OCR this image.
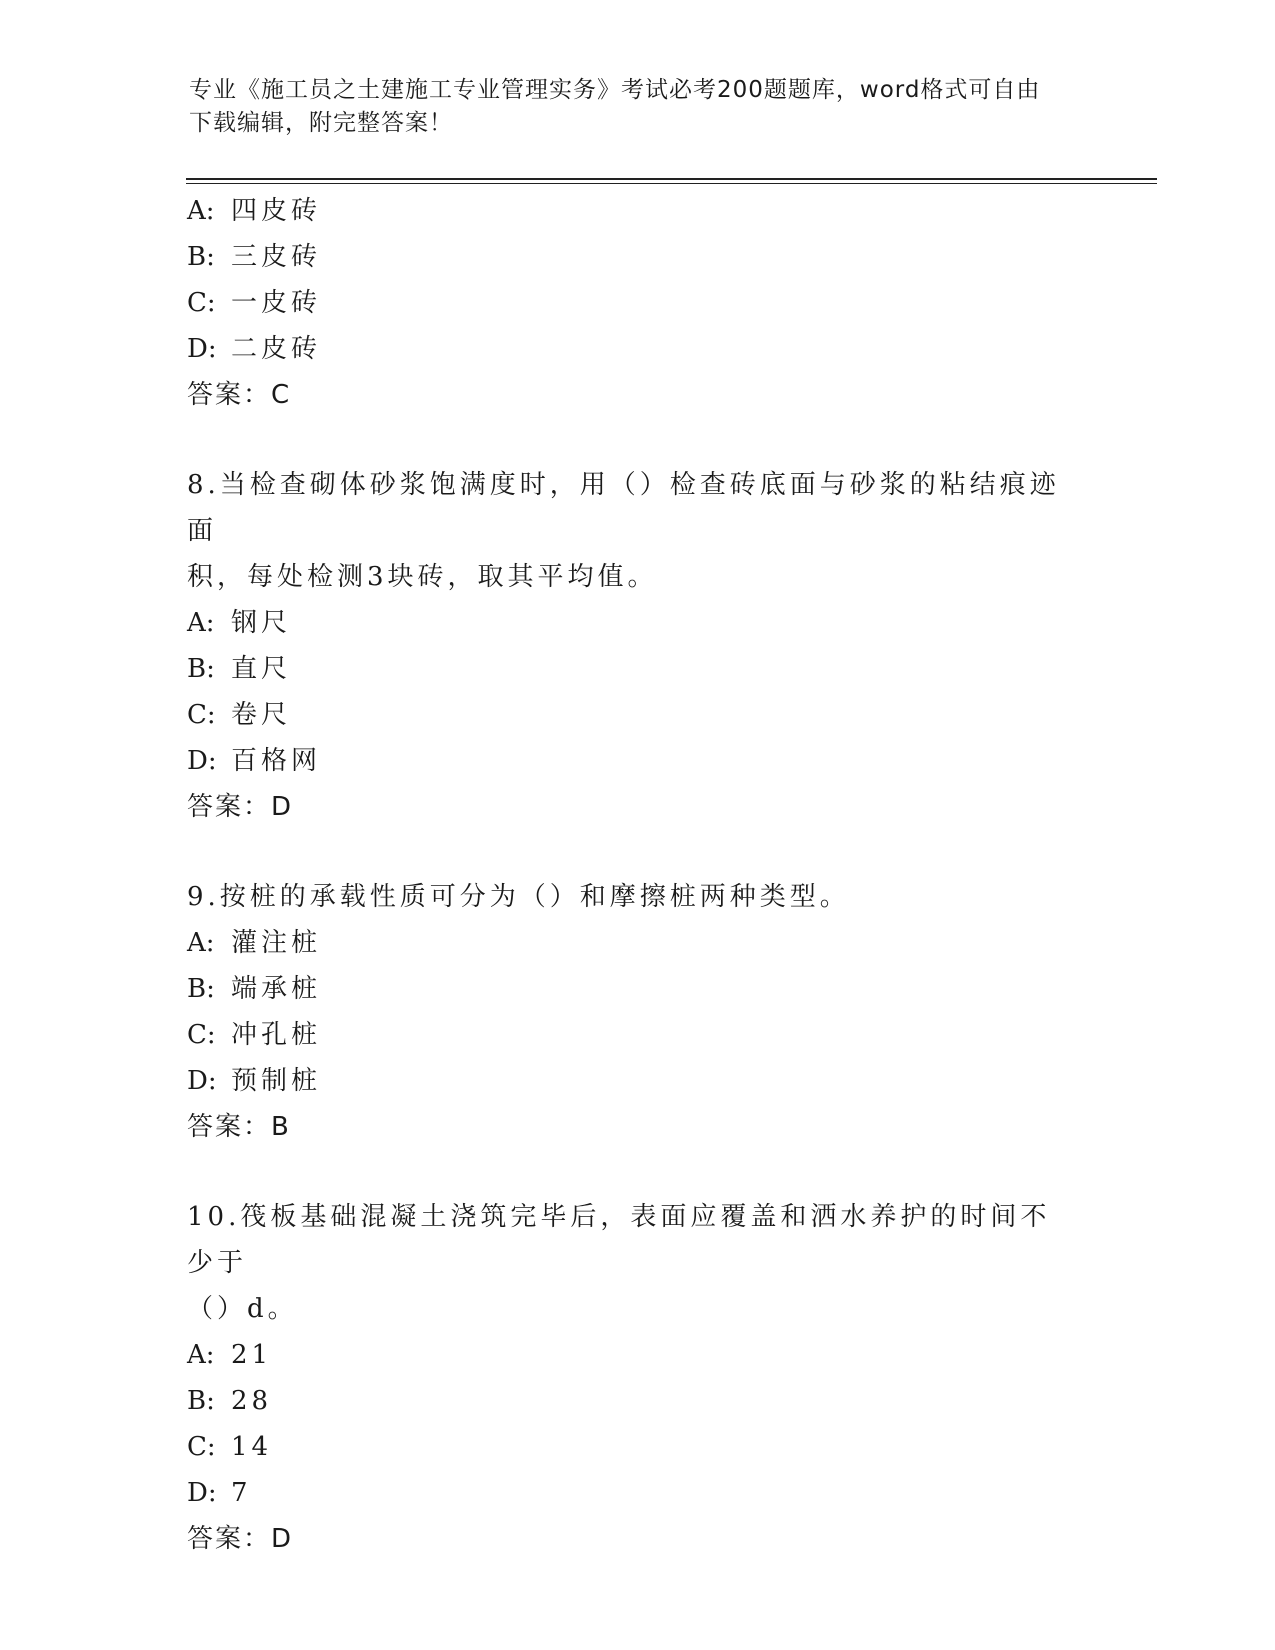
专业《施工员之土建施工专业管理实务》考试必考200题题库，word格式可自由
下载编辑，附完整答案！
A: 四皮砖
B: 三皮砖
C: 一皮砖
D: 二皮砖
答案：C
8.当检查砌体砂浆饱满度时，用（）检查砖底面与砂浆的粘结痕迹面
积，每处检测3块砖，取其平均值。
A: 钢尺
B: 直尺
C: 卷尺
D: 百格网
答案：D
9.按桩的承载性质可分为（）和摩擦桩两种类型。
A: 灌注桩
B: 端承桩
C: 冲孔桩
D: 预制桩
答案：B
10.筏板基础混凝土浇筑完毕后，表面应覆盖和洒水养护的时间不少于
（）d。
A: 21
B: 28
C: 14
D: 7
答案：D
